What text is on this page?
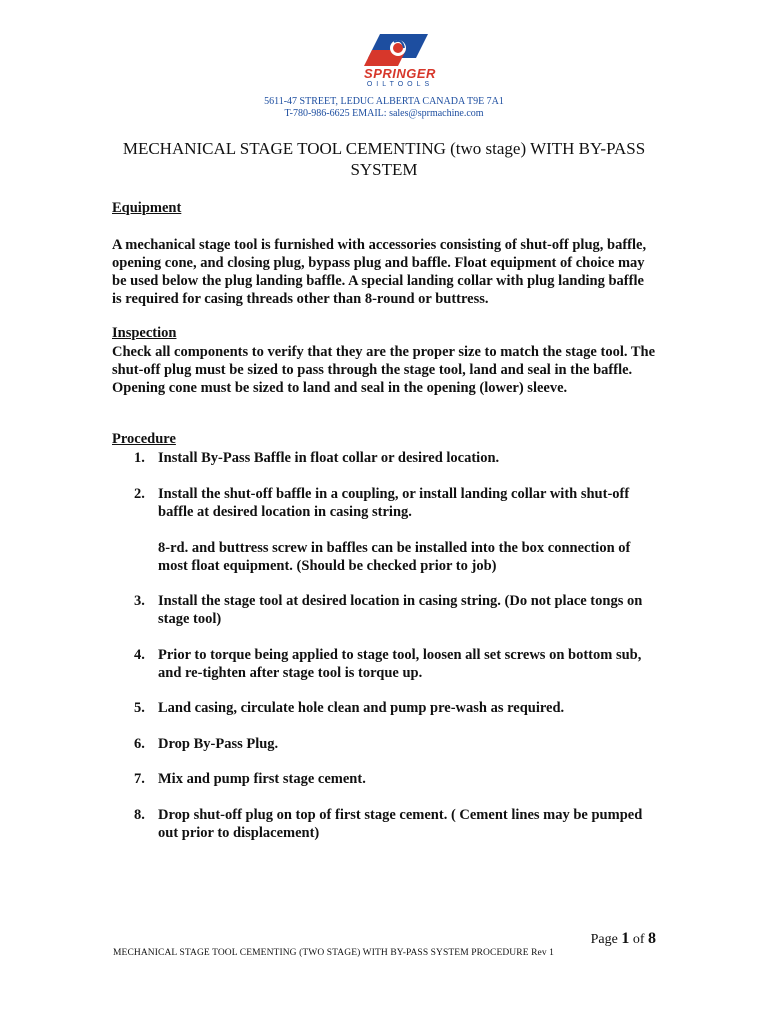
SPRINGER
OILTOOLS
5611-47 STREET, LEDUC ALBERTA CANADA T9E 7A1
T-780-986-6625 EMAIL: sales@sprmachine.com
MECHANICAL STAGE TOOL CEMENTING (two stage) WITH BY-PASS SYSTEM
Equipment
A mechanical stage tool is furnished with accessories consisting of shut-off plug, baffle, opening cone, and closing plug, bypass plug and baffle. Float equipment of choice may be used below the plug landing baffle. A special landing collar with plug landing baffle is required for casing threads other than 8-round or buttress.
Inspection
Check all components to verify that they are the proper size to match the stage tool. The shut-off plug must be sized to pass through the stage tool, land and seal in the baffle. Opening cone must be sized to land and seal in the opening (lower) sleeve.
Procedure
1. Install By-Pass Baffle in float collar or desired location.
2. Install the shut-off baffle in a coupling, or install landing collar with shut-off baffle at desired location in casing string.
8-rd. and buttress screw in baffles can be installed into the box connection of most float equipment. (Should be checked prior to job)
3. Install the stage tool at desired location in casing string. (Do not place tongs on stage tool)
4. Prior to torque being applied to stage tool, loosen all set screws on bottom sub, and re-tighten after stage tool is torque up.
5. Land casing, circulate hole clean and pump pre-wash as required.
6. Drop By-Pass Plug.
7. Mix and pump first stage cement.
8. Drop shut-off plug on top of first stage cement. ( Cement lines may be pumped out prior to displacement)
Page 1 of 8
MECHANICAL STAGE TOOL CEMENTING (TWO STAGE) WITH BY-PASS SYSTEM PROCEDURE Rev 1
